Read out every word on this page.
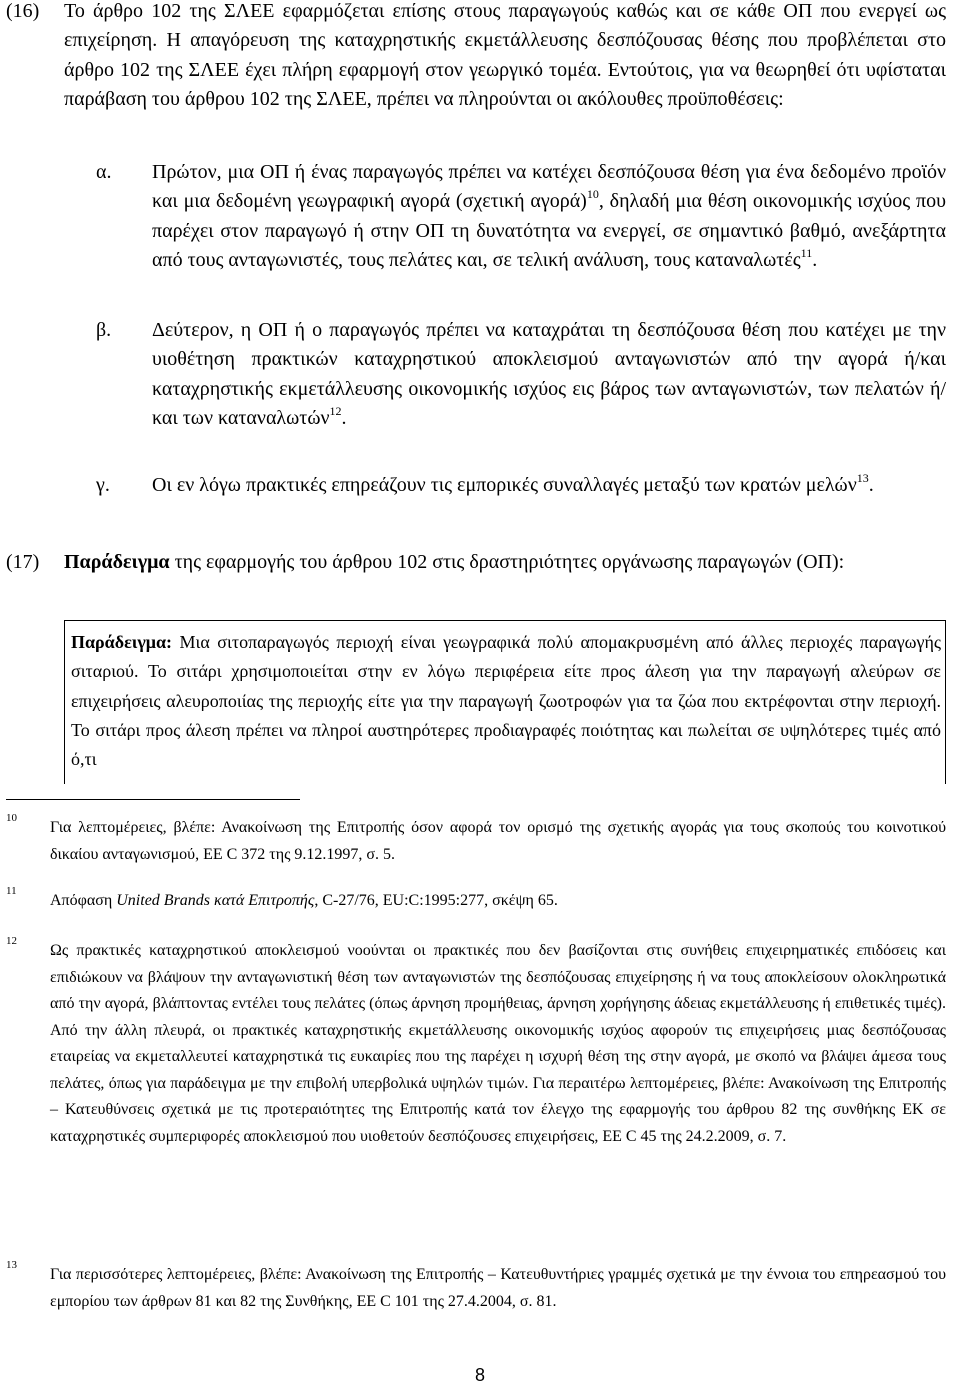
(16) Το άρθρο 102 της ΣΛΕΕ εφαρμόζεται επίσης στους παραγωγούς καθώς και σε κάθε ΟΠ που ενεργεί ως επιχείρηση. Η απαγόρευση της καταχρηστικής εκμετάλλευσης δεσπόζουσας θέσης που προβλέπεται στο άρθρο 102 της ΣΛΕΕ έχει πλήρη εφαρμογή στον γεωργικό τομέα. Εντούτοις, για να θεωρηθεί ότι υφίσταται παράβαση του άρθρου 102 της ΣΛΕΕ, πρέπει να πληρούνται οι ακόλουθες προϋποθέσεις:
α. Πρώτον, μια ΟΠ ή ένας παραγωγός πρέπει να κατέχει δεσπόζουσα θέση για ένα δεδομένο προϊόν και μια δεδομένη γεωγραφική αγορά (σχετική αγορά)$^{10}$, δηλαδή μια θέση οικονομικής ισχύος που παρέχει στον παραγωγό ή στην ΟΠ τη δυνατότητα να ενεργεί, σε σημαντικό βαθμό, ανεξάρτητα από τους ανταγωνιστές, τους πελάτες και, σε τελική ανάλυση, τους καταναλωτές$^{11}$.
β. Δεύτερον, η ΟΠ ή ο παραγωγός πρέπει να καταχράται τη δεσπόζουσα θέση που κατέχει με την υιοθέτηση πρακτικών καταχρηστικού αποκλεισμού ανταγωνιστών από την αγορά ή/και καταχρηστικής εκμετάλλευσης οικονομικής ισχύος εις βάρος των ανταγωνιστών, των πελατών ή/και των καταναλωτών$^{12}$.
γ. Οι εν λόγω πρακτικές επηρεάζουν τις εμπορικές συναλλαγές μεταξύ των κρατών μελών$^{13}$.
(17) Παράδειγμα της εφαρμογής του άρθρου 102 στις δραστηριότητες οργάνωσης παραγωγών (ΟΠ):
Παράδειγμα: Μια σιτοπαραγωγός περιοχή είναι γεωγραφικά πολύ απομακρυσμένη από άλλες περιοχές παραγωγής σιταριού. Το σιτάρι χρησιμοποιείται στην εν λόγω περιφέρεια είτε προς άλεση για την παραγωγή αλεύρων σε επιχειρήσεις αλευροποιίας της περιοχής είτε για την παραγωγή ζωοτροφών για τα ζώα που εκτρέφονται στην περιοχή. Το σιτάρι προς άλεση πρέπει να πληροί αυστηρότερες προδιαγραφές ποιότητας και πωλείται σε υψηλότερες τιμές από ό,τι
10
Για λεπτομέρειες, βλέπε: Ανακοίνωση της Επιτροπής όσον αφορά τον ορισμό της σχετικής αγοράς για τους σκοπούς του κοινοτικού δικαίου ανταγωνισμού, ΕΕ C 372 της 9.12.1997, σ. 5.
11
Απόφαση United Brands κατά Επιτροπής, C-27/76, EU:C:1995:277, σκέψη 65.
12
Ως πρακτικές καταχρηστικού αποκλεισμού νοούνται οι πρακτικές που δεν βασίζονται στις συνήθεις επιχειρηματικές επιδόσεις και επιδιώκουν να βλάψουν την ανταγωνιστική θέση των ανταγωνιστών της δεσπόζουσας επιχείρησης ή να τους αποκλείσουν ολοκληρωτικά από την αγορά, βλάπτοντας εντέλει τους πελάτες (όπως άρνηση προμήθειας, άρνηση χορήγησης άδειας εκμετάλλευσης ή επιθετικές τιμές). Από την άλλη πλευρά, οι πρακτικές καταχρηστικής εκμετάλλευσης οικονομικής ισχύος αφορούν τις επιχειρήσεις μιας δεσπόζουσας εταιρείας να εκμεταλλευτεί καταχρηστικά τις ευκαιρίες που της παρέχει η ισχυρή θέση της στην αγορά, με σκοπό να βλάψει άμεσα τους πελάτες, όπως για παράδειγμα με την επιβολή υπερβολικά υψηλών τιμών. Για περαιτέρω λεπτομέρειες, βλέπε: Ανακοίνωση της Επιτροπής – Κατευθύνσεις σχετικά με τις προτεραιότητες της Επιτροπής κατά τον έλεγχο της εφαρμογής του άρθρου 82 της συνθήκης ΕΚ σε καταχρηστικές συμπεριφορές αποκλεισμού που υιοθετούν δεσπόζουσες επιχειρήσεις, ΕΕ C 45 της 24.2.2009, σ. 7.
13
Για περισσότερες λεπτομέρειες, βλέπε: Ανακοίνωση της Επιτροπής – Κατευθυντήριες γραμμές σχετικά με την έννοια του επηρεασμού του εμπορίου των άρθρων 81 και 82 της Συνθήκης, ΕΕ C 101 της 27.4.2004, σ. 81.
8
